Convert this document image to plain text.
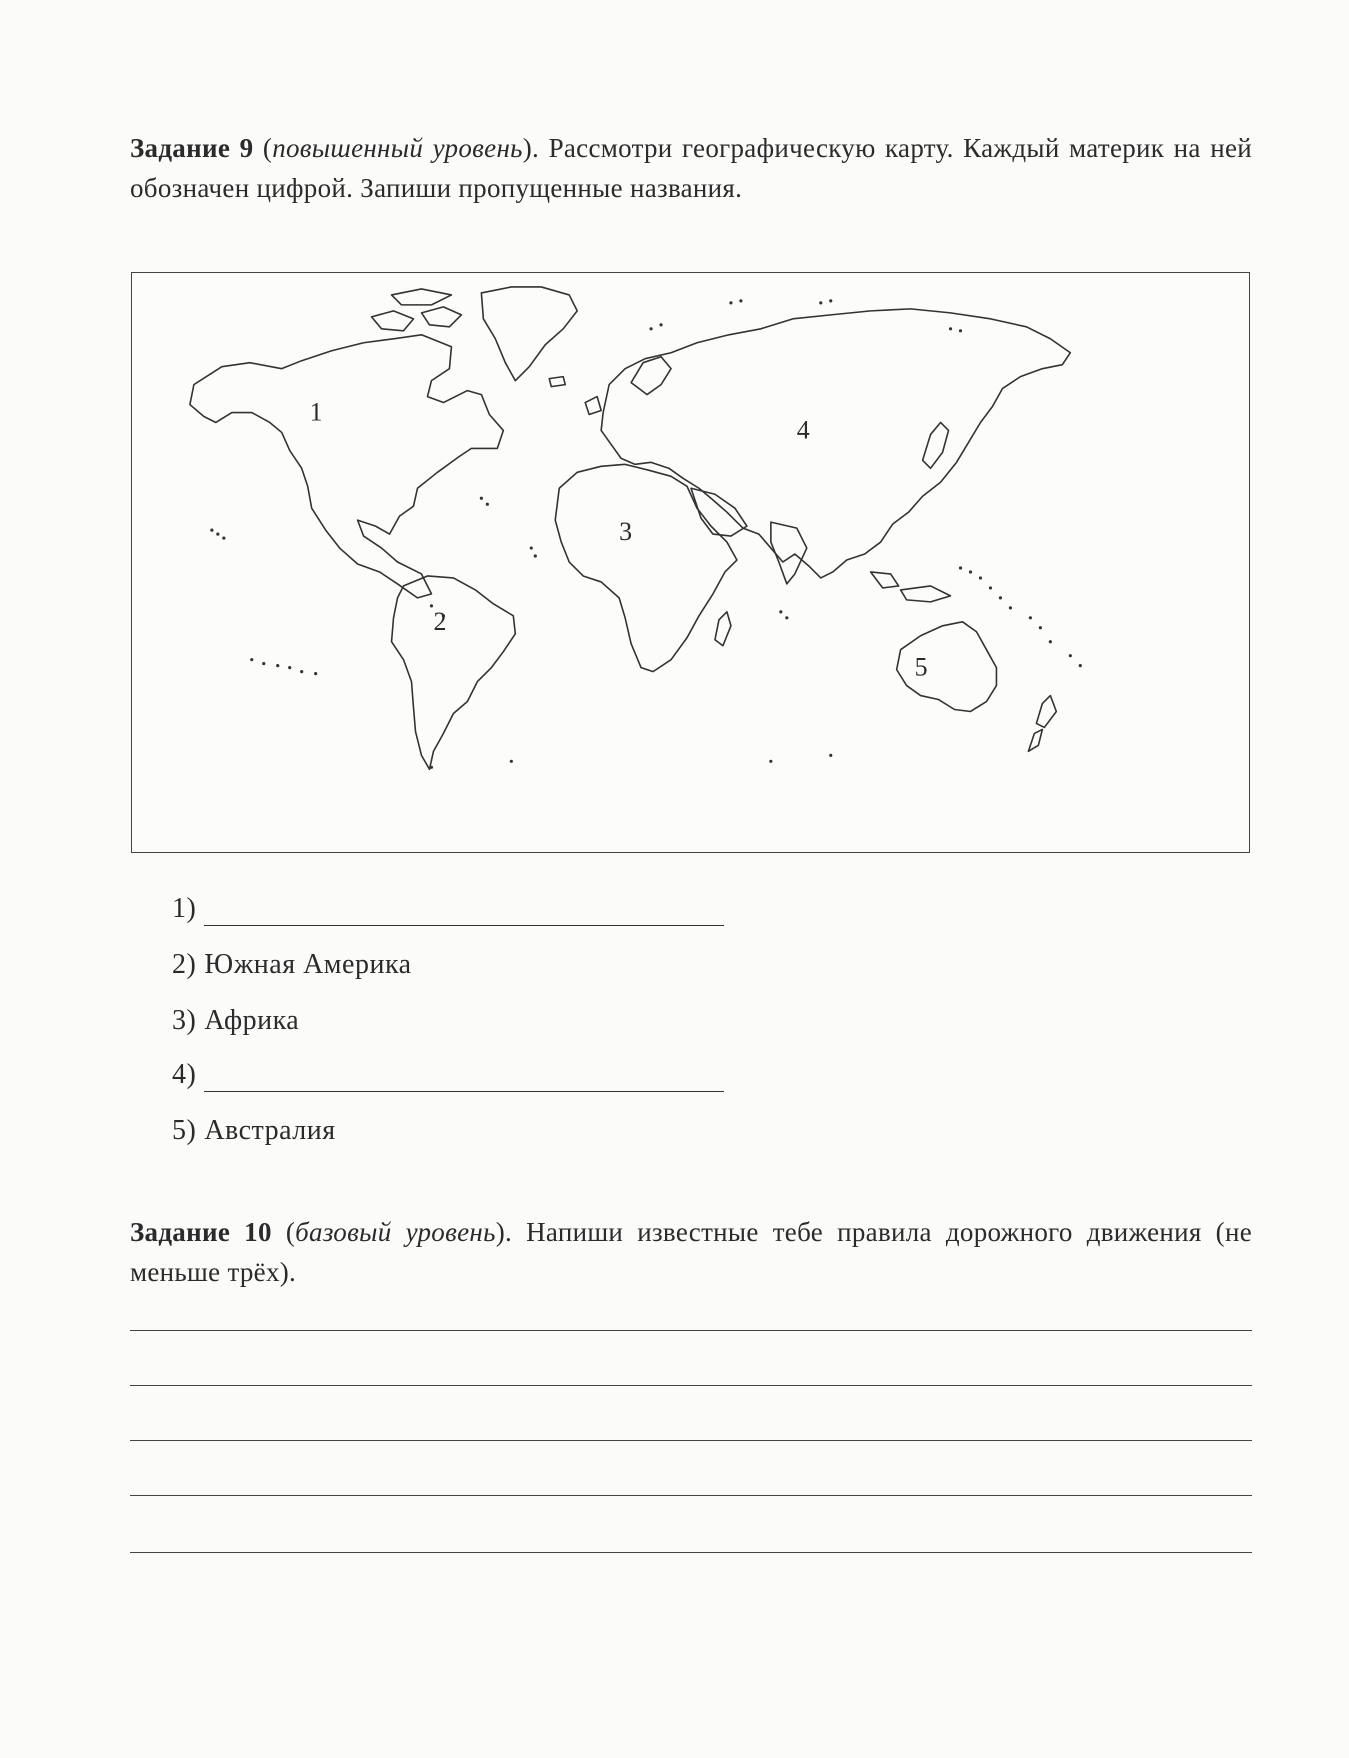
Задание 9 (повышенный уровень). Рассмотри географическую карту. Каждый материк на ней обозначен цифрой. Запиши пропущенные названия.
1
2
3
4
5
1)
2) Южная Америка
3) Африка
4)
5) Австралия
Задание 10 (базовый уровень). Напиши известные тебе правила дорожного движения (не меньше трёх).
